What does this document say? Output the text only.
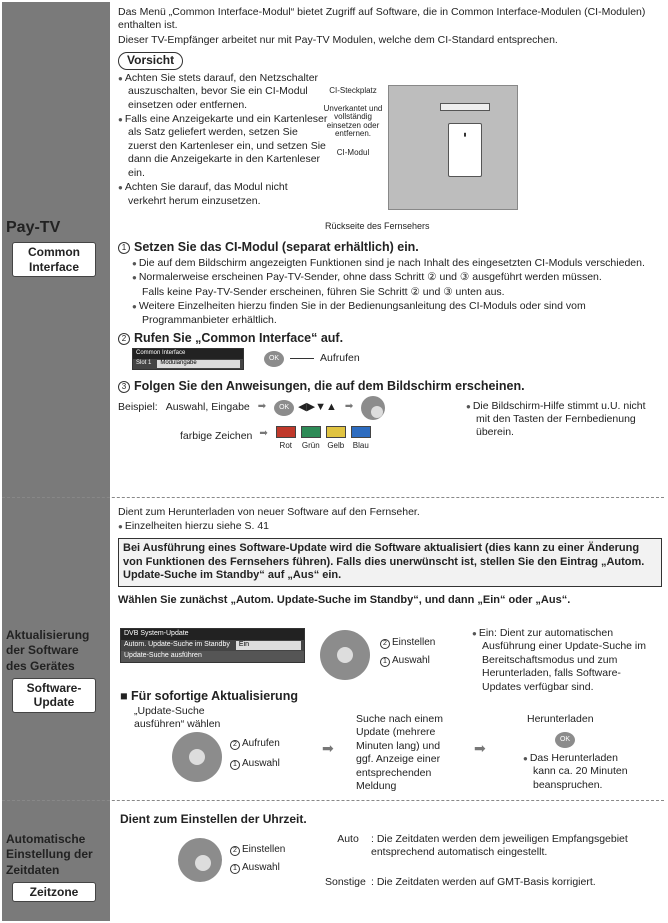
Pay-TV
Common Interface
Aktualisierung der Software des Gerätes
Software-Update
Automatische Einstellung der Zeitdaten
Zeitzone

Das Menü „Common Interface-Modul“ bietet Zugriff auf Software, die in Common Interface-Modulen (CI-Modulen) enthalten ist.

Dieser TV-Empfänger arbeitet nur mit Pay-TV Modulen, welche dem CI-Standard entsprechen.

Vorsicht

● Achten Sie stets darauf, den Netzschalter auszuschalten, bevor Sie ein CI-Modul einsetzen oder entfernen.

● Falls eine Anzeigekarte und ein Kartenleser als Satz geliefert werden, setzen Sie zuerst den Kartenleser ein, und setzen Sie dann die Anzeigekarte in den Kartenleser ein.

● Achten Sie darauf, das Modul nicht verkehrt herum einzusetzen.

▮
CI-Steckplatz
Unverkantet und vollständig einsetzen oder entfernen.
CI-Modul
Rückseite des Fernsehers
1 Setzen Sie das CI-Modul (separat erhältlich) ein.

● Die auf dem Bildschirm angezeigten Funktionen sind je nach Inhalt des eingesetzten CI-Moduls verschieden.

● Normalerweise erscheinen Pay-TV-Sender, ohne dass Schritt ② und ③ ausgeführt werden müssen.

Falls keine Pay-TV-Sender erscheinen, führen Sie Schritt ② und ③ unten aus.

● Weitere Einzelheiten hierzu finden Sie in der Bedienungsanleitung des CI-Moduls oder sind vom Programmanbieter erhältlich.

2 Rufen Sie „Common Interface“ auf.
Common Interface
Slot 1	Modulangabe
OK	Aufrufen
3 Folgen Sie den Anweisungen, die auf dem Bildschirm erscheinen.
Beispiel: Auswahl, Eingabe ➡	OK ◀▶▼▲ ➡
farbige Zeichen ➡

Rot	Grün Gelb	Blau

● Die Bildschirm-Hilfe stimmt u.U. nicht mit den Tasten der Fernbedienung überein.

Dient zum Herunterladen von neuer Software auf den Fernseher.

● Einzelheiten hierzu siehe S. 41

Bei Ausführung eines Software-Update wird die Software aktualisiert (dies kann zu einer Änderung von Funktionen des Fernsehers führen). Falls dies unerwünscht ist, stellen Sie den Eintrag „Autom. Update-Suche im Standby“ auf „Aus“ ein.

Wählen Sie zunächst „Autom. Update-Suche im Standby“, und dann „Ein“ oder „Aus“.

DVB System-Update
Autom. Update-Suche im Standby	Ein
Update-Suche ausführen
2 Einstellen
1 Auswahl

● Ein: Dient zur automatischen Ausführung einer Update-Suche im Bereitschaftsmodus und zum Herunterladen, falls Software-Updates verfügbar sind.

■ Für sofortige Aktualisierung

„Update-Suche ausführen“ wählen

2 Aufrufen
1 Auswahl
➡

Suche nach einem Update (mehrere Minuten lang) und ggf. Anzeige einer entsprechenden Meldung

➡

Herunterladen

OK

● Das Herunterladen kann ca. 20 Minuten beanspruchen.

Dient zum Einstellen der Uhrzeit.

2 Einstellen
1 Auswahl
Auto	: Die Zeitdaten werden dem jeweiligen Empfangsgebiet entsprechend automatisch eingestellt.
Sonstige : Die Zeitdaten werden auf GMT-Basis korrigiert.
